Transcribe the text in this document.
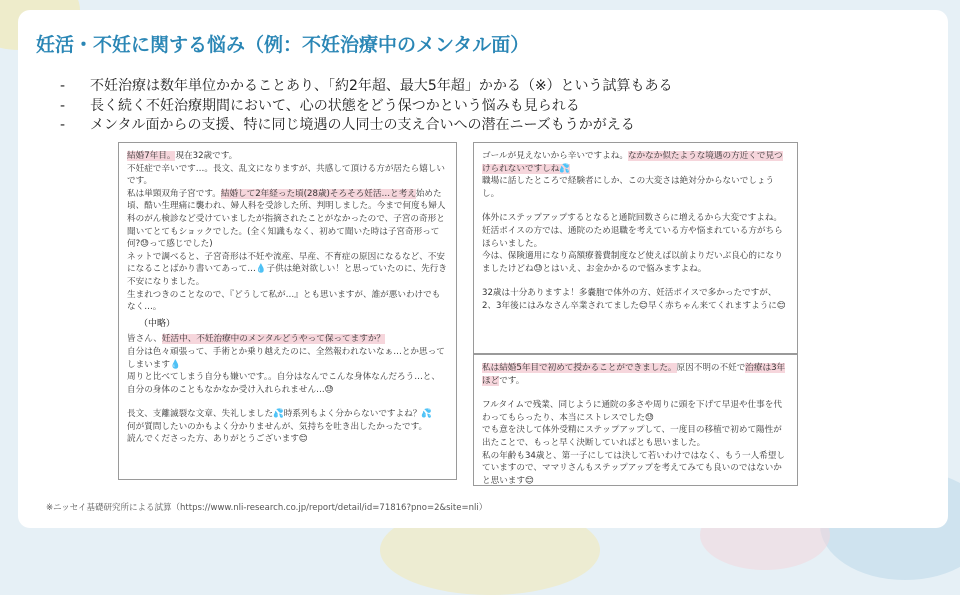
妊活・不妊に関する悩み（例：不妊治療中のメンタル面）
- 不妊治療は数年単位かかることあり、「約2年超、最大5年超」かかる（※）という試算もある
- 長く続く不妊治療期間において、心の状態をどう保つかという悩みも見られる
- メンタル面からの支援、特に同じ境遇の人同士の支え合いへの潜在ニーズもうかがえる

結婚7年目。現在32歳です。
不妊症で辛いです…。長文、乱文になりますが、共感して頂ける方が居たら嬉しいです。
私は単頸双角子宮です。結婚して2年経った頃(28歳)そろそろ妊活…と考え始めた頃、酷い生理痛に襲われ、婦人科を受診した所、判明しました。今まで何度も婦人科のがん検診など受けていましたが指摘されたことがなかったので、子宮の奇形と聞いてとてもショックでした。(全く知識もなく、初めて聞いた時は子宮奇形って何?😓って感じでした)
ネットで調べると、子宮奇形は不妊や流産、早産、不育症の原因になるなど、不安になることばかり書いてあって…💧子供は絶対欲しい！と思っていたのに、先行き不安になりました。
生まれつきのことなので、『どうして私が…』とも思いますが、誰が悪いわけでもなく…。

（中略）

皆さん、妊活中、不妊治療中のメンタルどうやって保ってますか？
自分は色々頑張って、手術とか乗り越えたのに、全然報われないなぁ…とか思ってしまいます💧
周りと比べてしまう自分も嫌いです。。自分はなんでこんな身体なんだろう…と、自分の身体のこともなかなか受け入れられません…😓

長文、支離滅裂な文章、失礼しました💦時系列もよく分からないですよね？💦
何が質問したいのかもよく分かりませんが、気持ちを吐き出したかったです。
読んでくださった方、ありがとうございます😊

ゴールが見えないから辛いですよね。なかなか似たような境遇の方近くで見つけられないですしね💦
職場に話したところで経験者にしか、この大変さは絶対分からないでしょうし。

体外にステップアップするとなると通院回数さらに増えるから大変ですよね。妊活ポイスの方では、通院のため退職を考えている方や悩まれている方がちらほらいました。
今は、保険適用になり高額療養費制度など使えば以前よりだいぶ良心的になりましたけどね😓とはいえ、お金かかるので悩みますよね。

32歳は十分ありますよ！多嚢胞で体外の方、妊活ポイスで多かったですが、2、3年後にはみなさん卒業されてました😊早く赤ちゃん来てくれますように😊

私は結婚5年目で初めて授かることができました。原因不明の不妊で治療は3年ほどです。

フルタイムで残業、同じように通院の多さや周りに頭を下げて早退や仕事を代わってもらったり、本当にストレスでした😓
でも意を決して体外受精にステップアップして、一度目の移植で初めて陽性が出たことで、もっと早く決断していればとも思いました。
私の年齢も34歳と、第一子にしては決して若いわけではなく、もう一人希望していますので、ママリさんもステップアップを考えてみても良いのではないかと思います😊

※ニッセイ基礎研究所による試算（https://www.nli-research.co.jp/report/detail/id=71816?pno=2&site=nli）
